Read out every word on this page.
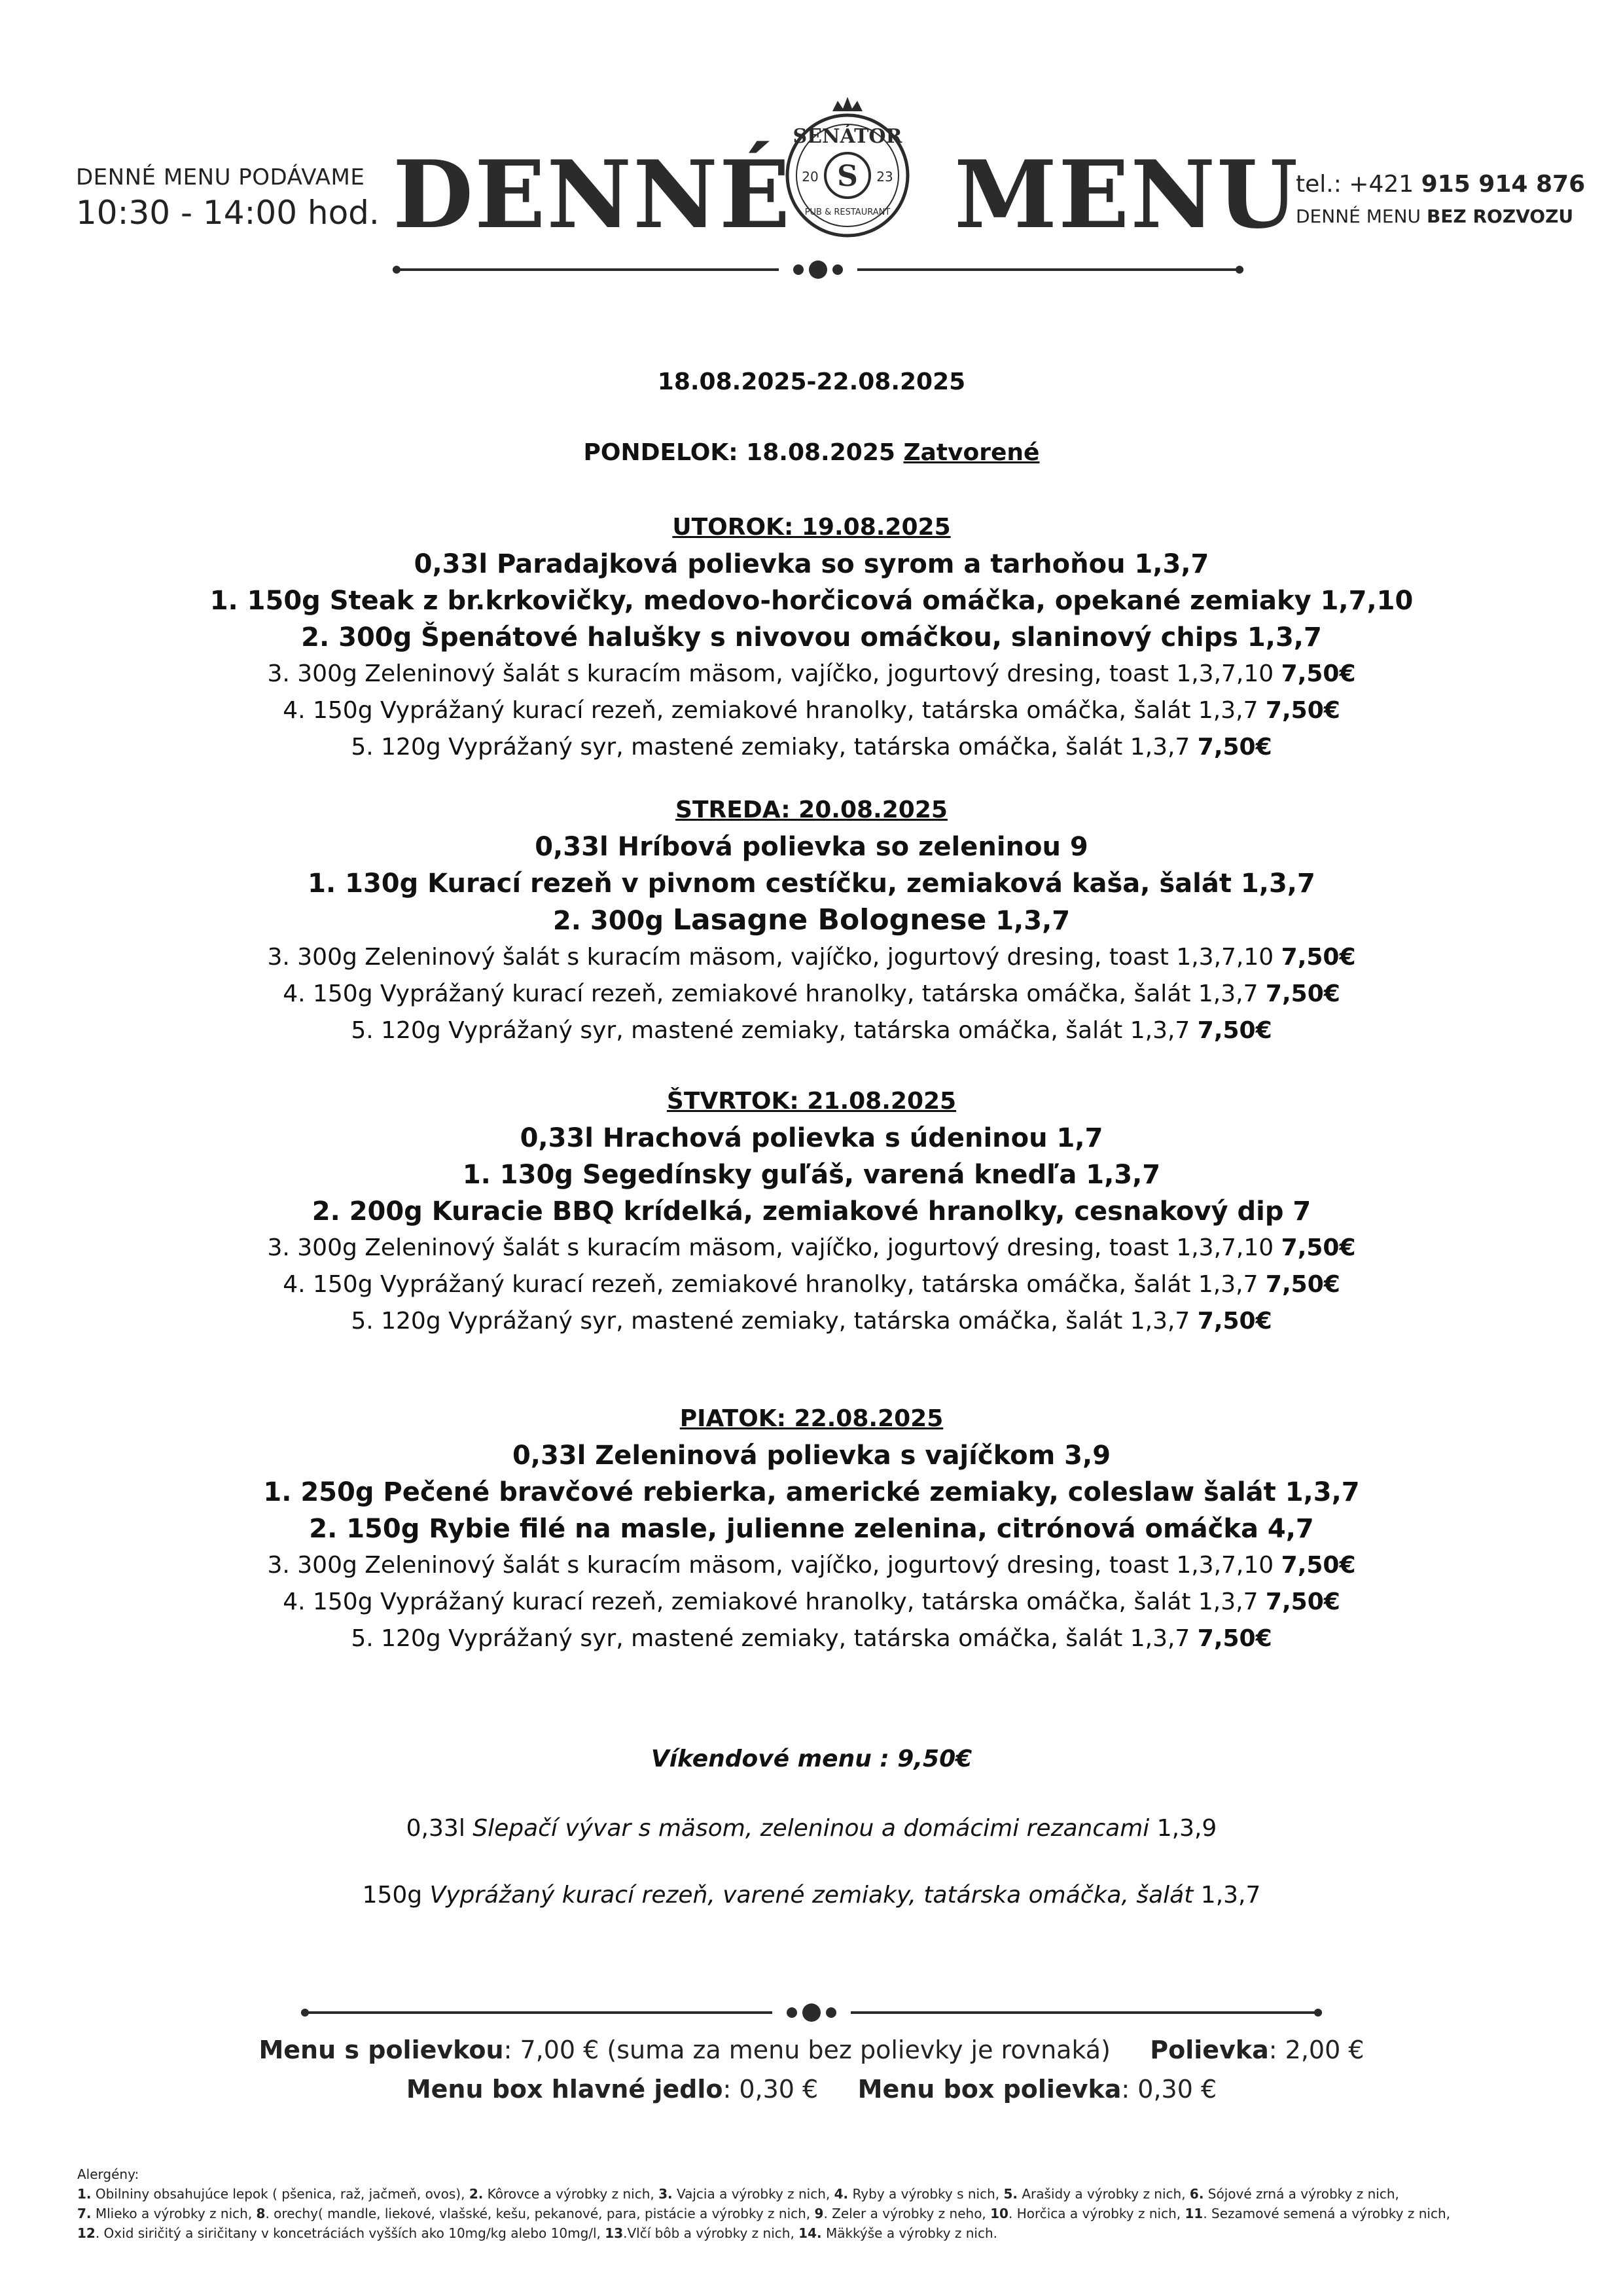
DENNÉ MENU PODÁVAME
10:30 - 14:00 hod. DENNÉ
SENÁTOR
20	23
S
PUB & RESTAURANT MENU
tel.: +421 915 914 876
DENNÉ MENU BEZ ROZVOZU
18.08.2025-22.08.2025
PONDELOK: 18.08.2025 Zatvorené
UTOROK: 19.08.2025
0,33l Paradajková polievka so syrom a tarhoňou 1,3,7
1. 150g Steak z br.krkovičky, medovo-horčicová omáčka, opekané zemiaky 1,7,10
2. 300g Špenátové halušky s nivovou omáčkou, slaninový chips 1,3,7
3. 300g Zeleninový šalát s kuracím mäsom, vajíčko, jogurtový dresing, toast 1,3,7,10 7,50€
4. 150g Vyprážaný kurací rezeň, zemiakové hranolky, tatárska omáčka, šalát 1,3,7 7,50€
5. 120g Vyprážaný syr, mastené zemiaky, tatárska omáčka, šalát 1,3,7 7,50€
STREDA: 20.08.2025
0,33l Hríbová polievka so zeleninou 9
1. 130g Kurací rezeň v pivnom cestíčku, zemiaková kaša, šalát 1,3,7
2. 300g Lasagne Bolognese 1,3,7
3. 300g Zeleninový šalát s kuracím mäsom, vajíčko, jogurtový dresing, toast 1,3,7,10 7,50€
4. 150g Vyprážaný kurací rezeň, zemiakové hranolky, tatárska omáčka, šalát 1,3,7 7,50€
5. 120g Vyprážaný syr, mastené zemiaky, tatárska omáčka, šalát 1,3,7 7,50€
ŠTVRTOK: 21.08.2025
0,33l Hrachová polievka s údeninou 1,7
1. 130g Segedínsky guľáš, varená knedľa 1,3,7
2. 200g Kuracie BBQ krídelká, zemiakové hranolky, cesnakový dip 7
3. 300g Zeleninový šalát s kuracím mäsom, vajíčko, jogurtový dresing, toast 1,3,7,10 7,50€
4. 150g Vyprážaný kurací rezeň, zemiakové hranolky, tatárska omáčka, šalát 1,3,7 7,50€
5. 120g Vyprážaný syr, mastené zemiaky, tatárska omáčka, šalát 1,3,7 7,50€
PIATOK: 22.08.2025
0,33l Zeleninová polievka s vajíčkom 3,9
1. 250g Pečené bravčové rebierka, americké zemiaky, coleslaw šalát 1,3,7
2. 150g Rybie filé na masle, julienne zelenina, citrónová omáčka 4,7
3. 300g Zeleninový šalát s kuracím mäsom, vajíčko, jogurtový dresing, toast 1,3,7,10 7,50€
4. 150g Vyprážaný kurací rezeň, zemiakové hranolky, tatárska omáčka, šalát 1,3,7 7,50€
5. 120g Vyprážaný syr, mastené zemiaky, tatárska omáčka, šalát 1,3,7 7,50€
Víkendové menu : 9,50€
0,33l Slepačí vývar s mäsom, zeleninou a domácimi rezancami 1,3,9
150g Vyprážaný kurací rezeň, varené zemiaky, tatárska omáčka, šalát 1,3,7
Menu s polievkou: 7,00 € (suma za menu bez polievky je rovnaká) Polievka: 2,00 €
Menu box hlavné jedlo: 0,30 € Menu box polievka: 0,30 €
Alergény:
1. Obilniny obsahujúce lepok ( pšenica, raž, jačmeň, ovos), 2. Kôrovce a výrobky z nich, 3. Vajcia a výrobky z nich, 4. Ryby a výrobky s nich, 5. Arašidy a výrobky z nich, 6. Sójové zrná a výrobky z nich,
7. Mlieko a výrobky z nich, 8. orechy( mandle, liekové, vlašské, kešu, pekanové, para, pistácie a výrobky z nich, 9. Zeler a výrobky z neho, 10. Horčica a výrobky z nich, 11. Sezamové semená a výrobky z nich,
12. Oxid siričitý a siričitany v koncetráciách vyšších ako 10mg/kg alebo 10mg/l, 13.Vlčí bôb a výrobky z nich, 14. Mäkkýše a výrobky z nich.
